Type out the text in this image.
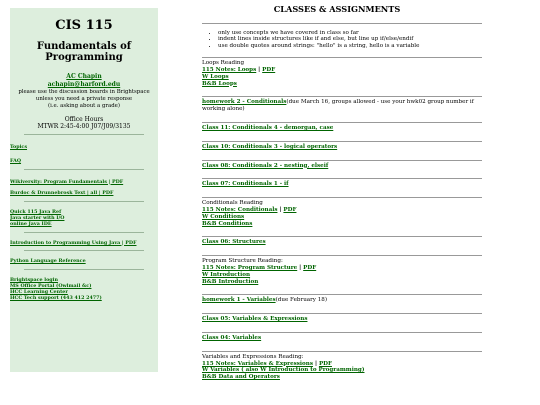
CIS 115
Fundamentals of Programming
AC Chapin
achapin@harford.edu
please use the discussion boards in Brightspace
unless you need a private response
(i.e. asking about a grade)
Office Hours
MTWR 2:45-4:00 J07/J09/3135
Topics
FAQ
Wikiversity: Program Fundamentals | PDF
Burdoc & Drunnebrosk Text | all | PDF
Quick 115 Java Ref
Java starter with I/O
online Java IDE
Introduction to Programming Using Java | PDF
Python Language Reference
Brightspace login
MS Office Portal (Owlmail &c)
HCC Learning Center
HCC Tech support (443 412 2477)
CLASSES & ASSIGNMENTS
• only use concepts we have covered in class so far
• indent lines inside structures like if and else, but line up if/else/endif
• use double quotes around strings: "hello" is a string, hello is a variable
Loops Reading
115 Notes: Loops | PDF
W Loops
B&B Loops
homework 2 - Conditionals(due March 16, groups allowed - use your hwk02 group number if working alone)
Class 11: Conditionals 4 - demorgan, case
Class 10: Conditionals 3 - logical operators
Class 08: Conditionals 2 - nesting, elseif
Class 07: Conditionals 1 - if
Conditionals Reading
115 Notes: Conditionals | PDF
W Conditions
B&B Conditions
Class 06: Structures
Program Structure Reading:
115 Notes: Program Structure | PDF
W Introduction
B&B Introduction
homework 1 - Variables(due February 18)
Class 05: Variables & Expressions
Class 04: Variables
Variables and Expressions Reading:
115 Notes: Variables & Expressions | PDF
W Variables ( also W Introduction to Programming)
B&B Data and Operators
